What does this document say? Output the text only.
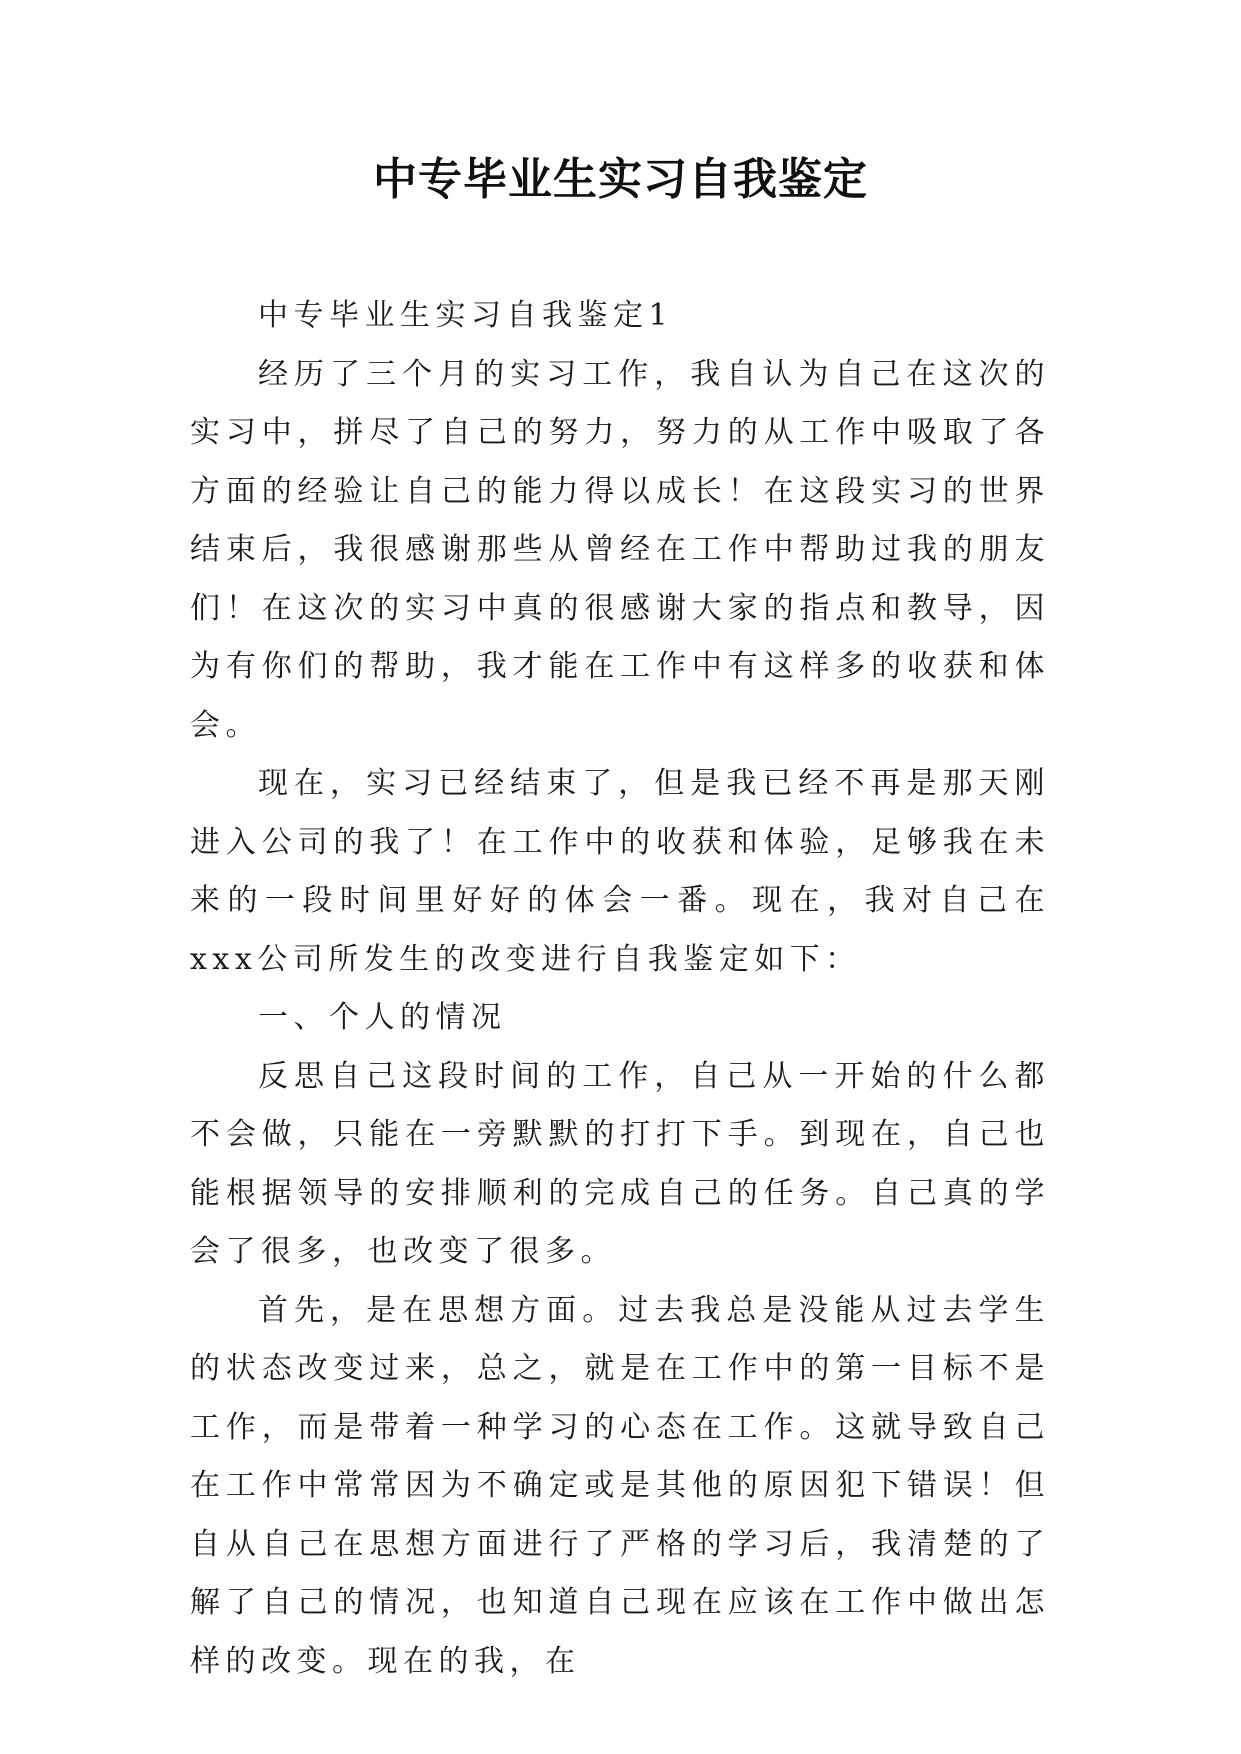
中专毕业生实习自我鉴定

中专毕业生实习自我鉴定1

经历了三个月的实习工作，我自认为自己在这次的实习中，拼尽了自己的努力，努力的从工作中吸取了各方面的经验让自己的能力得以成长！在这段实习的世界结束后，我很感谢那些从曾经在工作中帮助过我的朋友们！在这次的实习中真的很感谢大家的指点和教导，因为有你们的帮助，我才能在工作中有这样多的收获和体会。

现在，实习已经结束了，但是我已经不再是那天刚进入公司的我了！在工作中的收获和体验，足够我在未来的一段时间里好好的体会一番。现在，我对自己在xxx公司所发生的改变进行自我鉴定如下：

一、个人的情况

反思自己这段时间的工作，自己从一开始的什么都不会做，只能在一旁默默的打打下手。到现在，自己也能根据领导的安排顺利的完成自己的任务。自己真的学会了很多，也改变了很多。

首先，是在思想方面。过去我总是没能从过去学生的状态改变过来，总之，就是在工作中的第一目标不是工作，而是带着一种学习的心态在工作。这就导致自己在工作中常常因为不确定或是其他的原因犯下错误！但自从自己在思想方面进行了严格的学习后，我清楚的了解了自己的情况，也知道自己现在应该在工作中做出怎样的改变。现在的我，在
